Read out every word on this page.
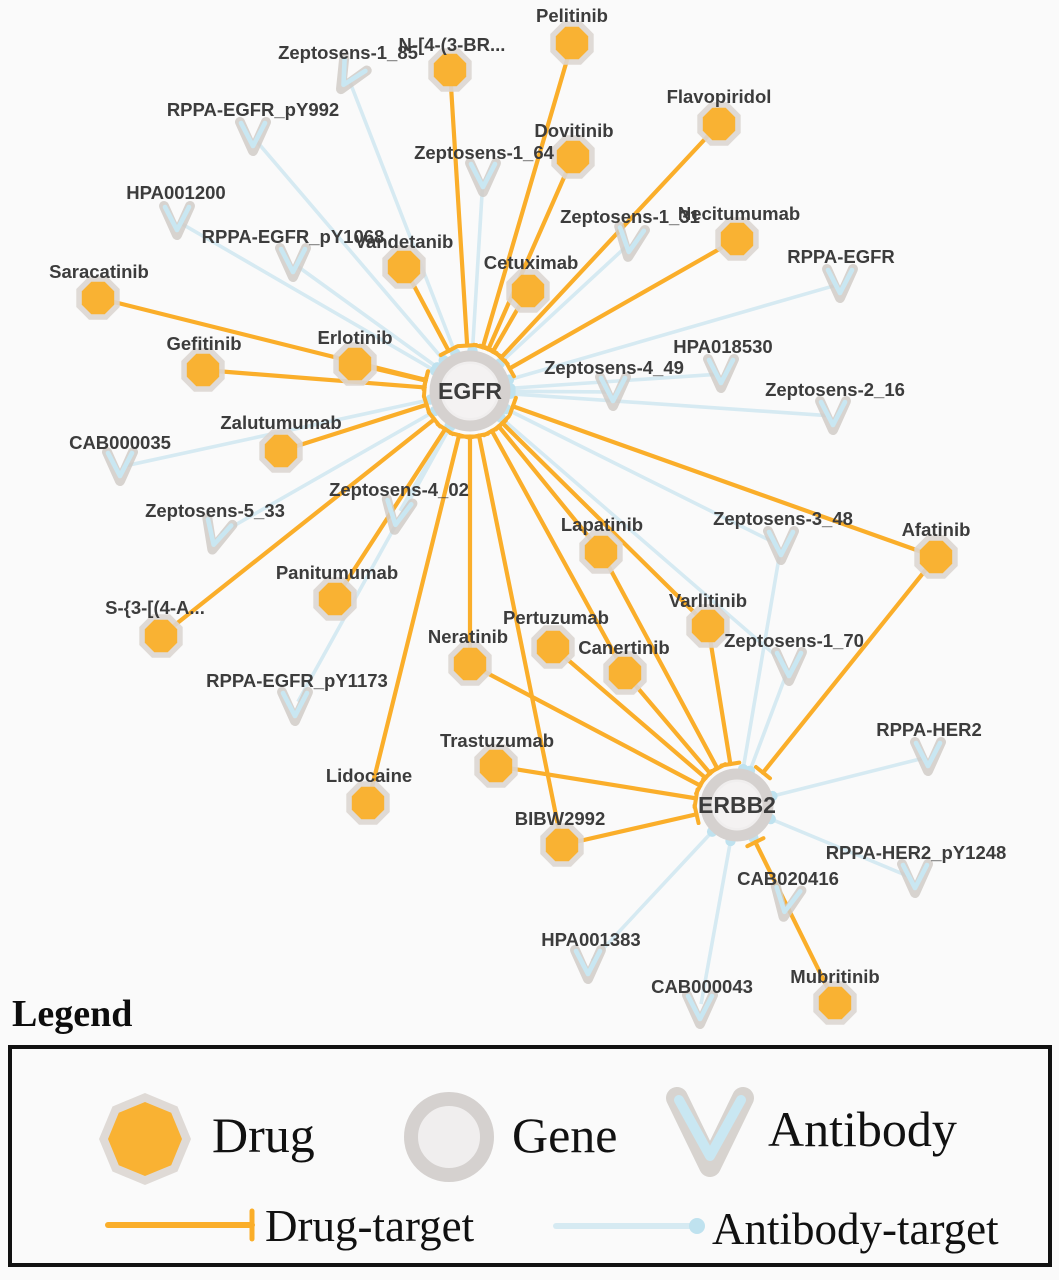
EGFR
ERBB2
Pelitinib
N-[4-(3-BR...
Dovitinib
Flavopiridol
Necitumumab
Vandetanib
Cetuximab
Saracatinib
Gefitinib	Erlotinib
Zalutumumab
Panitumumab
S-{3-[(4-A...
Lapatinib
Varlitinib
Afatinib
Pertuzumab
Canertinib
Neratinib
Trastuzumab
Lidocaine
BIBW2992
Mubritinib
Zeptosens-1_85
RPPA-EGFR_pY992
HPA001200
RPPA-EGFR_pY1068
Zeptosens-1_64
Zeptosens-1_31
RPPA-EGFR
HPA018530
Zeptosens-4_49
Zeptosens-2_16
CAB000035
Zeptosens-5_33
Zeptosens-4_02
RPPA-EGFR_pY1173
Zeptosens-3_48
Zeptosens-1_70
RPPA-HER2
RPPA-HER2_pY1248
CAB020416
HPA001383
CAB000043
Legend
Drug	Gene	Antibody
Drug-target	Antibody-target
